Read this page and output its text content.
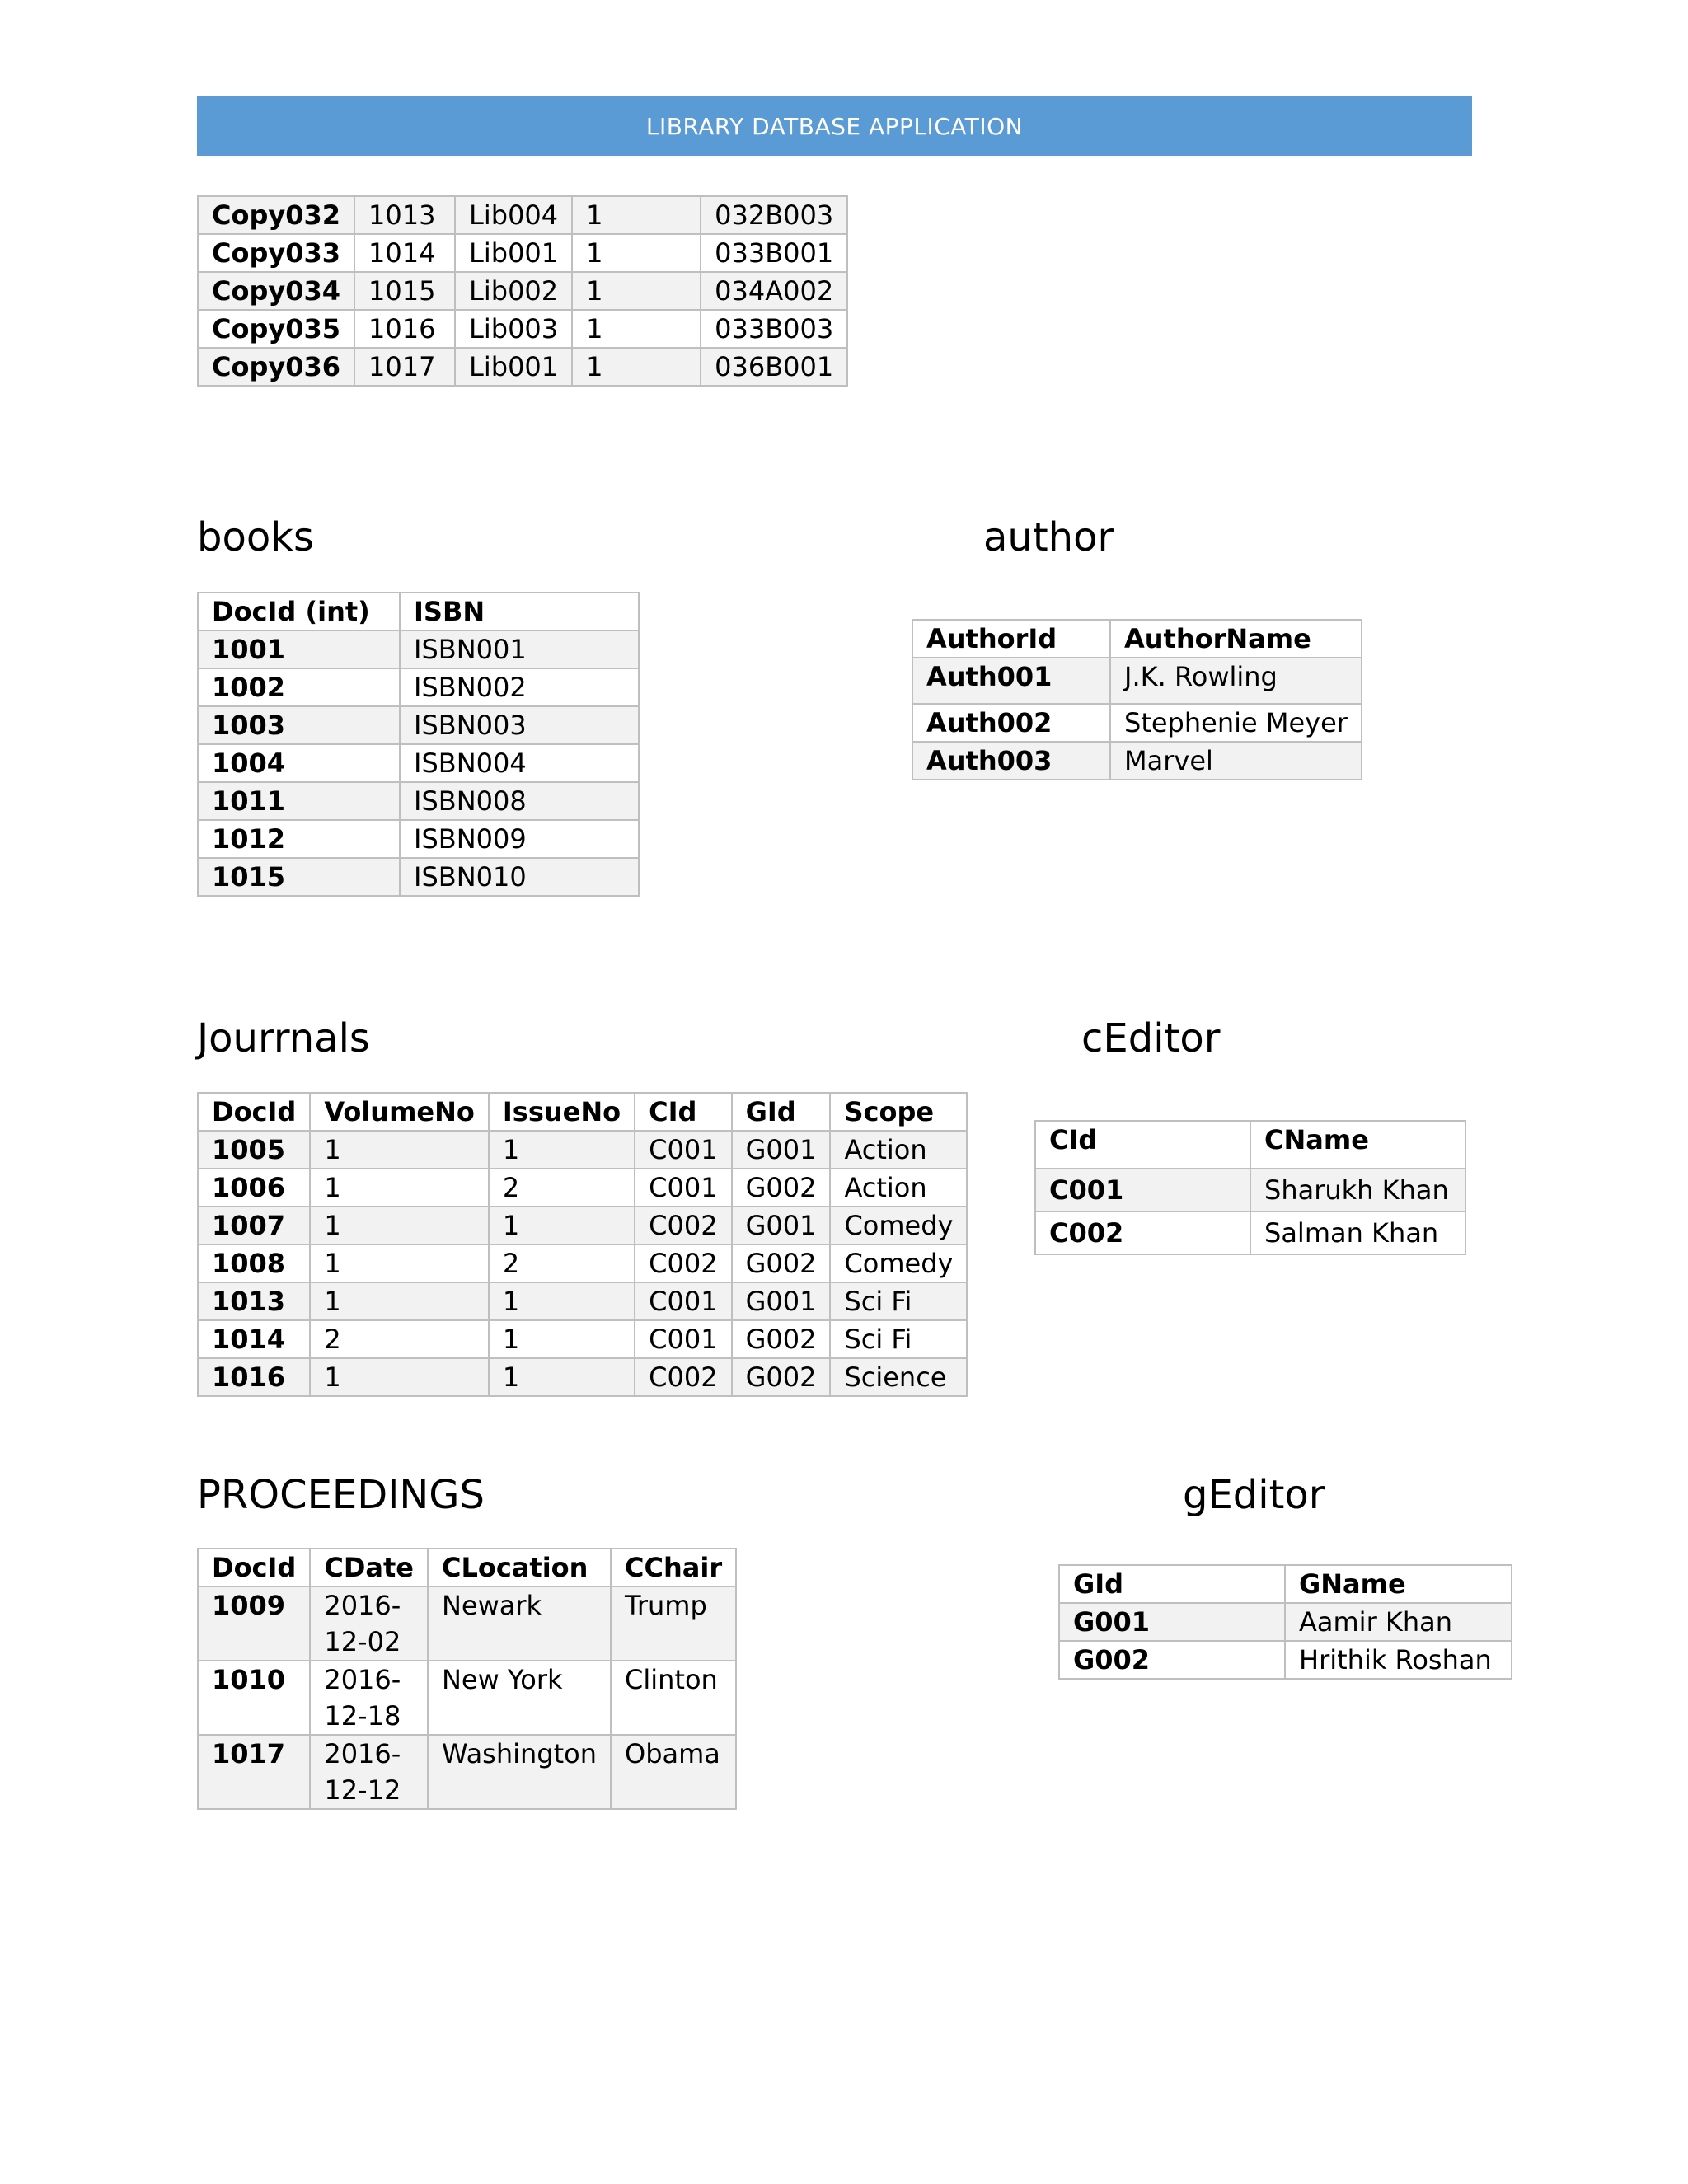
LIBRARY DATBASE APPLICATION
Copy032	1013	Lib004	1	032B003
Copy033	1014	Lib001	1	033B001
Copy034	1015	Lib002	1	034A002
Copy035	1016	Lib003	1	033B003
Copy036	1017	Lib001	1	036B001
books
DocId (int)	ISBN
1001	ISBN001
1002	ISBN002
1003	ISBN003
1004	ISBN004
1011	ISBN008
1012	ISBN009
1015	ISBN010
author
AuthorId	AuthorName
Auth001	J.K. Rowling
Auth002	Stephenie Meyer
Auth003	Marvel
Jourrnals
DocId	VolumeNo	IssueNo	CId	GId	Scope
1005	1	1	C001	G001	Action
1006	1	2	C001	G002	Action
1007	1	1	C002	G001	Comedy
1008	1	2	C002	G002	Comedy
1013	1	1	C001	G001	Sci Fi
1014	2	1	C001	G002	Sci Fi
1016	1	1	C002	G002	Science
cEditor
CId	CName
C001	Sharukh Khan
C002	Salman Khan
PROCEEDINGS
DocId	CDate	CLocation	CChair
1009	2016-12-02	Newark	Trump
1010	2016-12-18	New York	Clinton
1017	2016-12-12	Washington	Obama
gEditor
GId	GName
G001	Aamir Khan
G002	Hrithik Roshan
